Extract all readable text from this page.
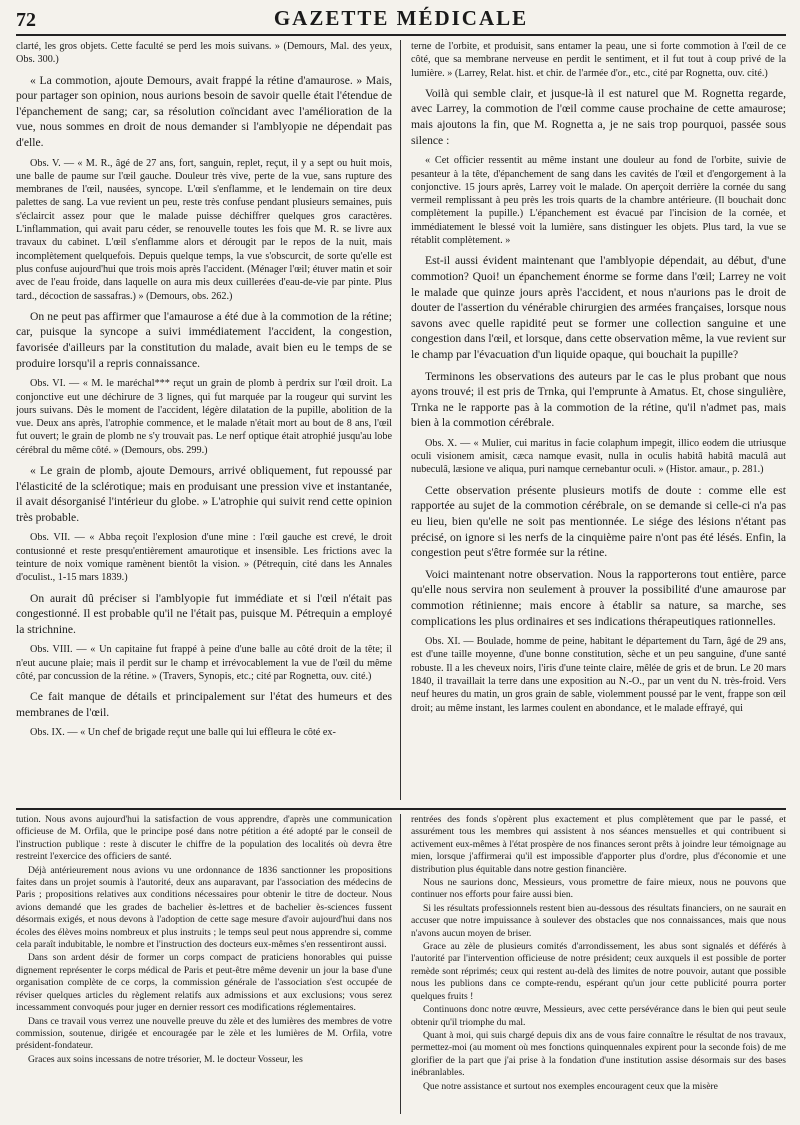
72	GAZETTE MÉDICALE

clarté, les gros objets. Cette faculté se perd les mois suivans. » (Demours, Mal. des yeux, Obs. 300.)

« La commotion, ajoute Demours, avait frappé la rétine d'amaurose. » Mais, pour partager son opinion, nous aurions besoin de savoir quelle était l'étendue de l'épanchement de sang; car, sa résolution coïncidant avec l'amélioration de la vue, nous sommes en droit de nous demander si l'amblyopie ne dépendait pas d'elle.

Obs. V. — « M. R., âgé de 27 ans, fort, sanguin, replet, reçut, il y a sept ou huit mois, une balle de paume sur l'œil gauche. Douleur très vive, perte de la vue, sans rupture des membranes de l'œil, nausées, syncope. L'œil s'enflamme, et le lendemain on tire deux palettes de sang. La vue revient un peu, reste très confuse pendant plusieurs semaines, puis s'éclaircit assez pour que le malade puisse déchiffrer quelques gros caractères. L'inflammation, qui avait paru céder, se renouvelle toutes les fois que M. R. se livre aux travaux du cabinet. L'œil s'enflamme alors et dérougit par le repos de la nuit, mais incomplètement quelquefois. Depuis quelque temps, la vue s'obscurcit, de sorte qu'elle est plus confuse aujourd'hui que trois mois après l'accident. (Ménager l'œil; étuver matin et soir avec de l'eau froide, dans laquelle on aura mis deux cuillerées d'eau-de-vie par pinte. Plus tard., décoction de sassafras.) » (Demours, obs. 262.)

On ne peut pas affirmer que l'amaurose a été due à la commotion de la rétine; car, puisque la syncope a suivi immédiatement l'accident, la congestion, favorisée d'ailleurs par la constitution du malade, avait bien eu le temps de se produire lorsqu'il a repris connaissance.

Obs. VI. — « M. le maréchal*** reçut un grain de plomb à perdrix sur l'œil droit. La conjonctive eut une déchirure de 3 lignes, qui fut marquée par la rougeur qui survint les jours suivans. Dès le moment de l'accident, légère dilatation de la pupille, abolition de la vue. Deux ans après, l'atrophie commence, et le malade n'était mort au bout de 8 ans, l'œil fut ouvert; le grain de plomb ne s'y trouvait pas. Le nerf optique était atrophié jusqu'au lobe cérébral du même côté. » (Demours, obs. 299.)

« Le grain de plomb, ajoute Demours, arrivé obliquement, fut repoussé par l'élasticité de la sclérotique; mais en produisant une pression vive et instantanée, il avait désorganisé l'intérieur du globe. » L'atrophie qui suivit rend cette opinion très probable.

Obs. VII. — « Abba reçoit l'explosion d'une mine : l'œil gauche est crevé, le droit contusionné et reste presqu'entièrement amaurotique et insensible. Les frictions avec la teinture de noix vomique ramènent bientôt la vision. » (Pétrequin, cité dans les Annales d'oculist., 1-15 mars 1839.)

On aurait dû préciser si l'amblyopie fut immédiate et si l'œil n'était pas congestionné. Il est probable qu'il ne l'était pas, puisque M. Pétrequin a employé la strichnine.

Obs. VIII. — « Un capitaine fut frappé à peine d'une balle au côté droit de la tête; il n'eut aucune plaie; mais il perdit sur le champ et irrévocablement la vue de l'œil du même côté, par concussion de la rétine. » (Travers, Synopis, etc.; cité par Rognetta, ouv. cité.)

Ce fait manque de détails et principalement sur l'état des humeurs et des membranes de l'œil.

Obs. IX. — « Un chef de brigade reçut une balle qui lui effleura le côté ex-

terne de l'orbite, et produisit, sans entamer la peau, une si forte commotion à l'œil de ce côté, que sa membrane nerveuse en perdit le sentiment, et il fut tout à coup privé de la lumière. » (Larrey, Relat. hist. et chir. de l'armée d'or., etc., cité par Rognetta, ouv. cité.)

Voilà qui semble clair, et jusque-là il est naturel que M. Rognetta regarde, avec Larrey, la commotion de l'œil comme cause prochaine de cette amaurose; mais ajoutons la fin, que M. Rognetta a, je ne sais trop pourquoi, passée sous silence :

« Cet officier ressentit au même instant une douleur au fond de l'orbite, suivie de pesanteur à la tête, d'épanchement de sang dans les cavités de l'œil et d'engorgement à la conjonctive. 15 jours après, Larrey voit le malade. On aperçoit derrière la cornée du sang vermeil remplissant à peu près les trois quarts de la chambre antérieure. (Il bouchait donc complètement la pupille.) L'épanchement est évacué par l'incision de la cornée, et immédiatement le blessé voit la lumière, sans distinguer les objets. Plus tard, la vue se rétablit complètement. »

Est-il aussi évident maintenant que l'amblyopie dépendait, au début, d'une commotion? Quoi! un épanchement énorme se forme dans l'œil; Larrey ne voit le malade que quinze jours après l'accident, et nous n'aurions pas le droit de douter de l'assertion du vénérable chirurgien des armées françaises, lorsque nous savons avec quelle rapidité peut se former une collection sanguine et une congestion dans l'œil, et lorsque, dans cette observation même, la vue revient sur le champ par l'évacuation d'un liquide opaque, qui bouchait la pupille?

Terminons les observations des auteurs par le cas le plus probant que nous ayons trouvé; il est pris de Trnka, qui l'emprunte à Amatus. Et, chose singulière, Trnka ne le rapporte pas à la commotion de la rétine, qu'il n'admet pas, mais bien à la commotion cérébrale.

Obs. X. — « Mulier, cui maritus in facie colaphum impegit, illico eodem die utriusque oculi visionem amisit, cæca namque evasit, nulla in oculis habitâ habitâ maculâ aut nubeculâ, læsione ve aliqua, puri namque cernebantur oculi. » (Histor. amaur., p. 281.)

Cette observation présente plusieurs motifs de doute : comme elle est rapportée au sujet de la commotion cérébrale, on se demande si celle-ci n'a pas eu lieu, bien qu'elle ne soit pas mentionnée. Le siége des lésions n'étant pas précisé, on ignore si les nerfs de la cinquième paire n'ont pas été lésés. Enfin, la congestion peut s'être formée sur la rétine.

Voici maintenant notre observation. Nous la rapporterons tout entière, parce qu'elle nous servira non seulement à prouver la possibilité d'une amaurose par commotion rétinienne; mais encore à établir sa nature, sa marche, ses complications les plus ordinaires et ses indications thérapeutiques rationnelles.

Obs. XI. — Boulade, homme de peine, habitant le département du Tarn, âgé de 29 ans, est d'une taille moyenne, d'une bonne constitution, sèche et un peu sanguine, d'une santé robuste. Il a les cheveux noirs, l'iris d'une teinte claire, mêlée de gris et de brun. Le 20 mars 1840, il travaillait la terre dans une exposition au N.-O., par un vent du N. très-froid. Vers neuf heures du matin, un gros grain de sable, violemment poussé par le vent, frappe son œil droit; au même instant, les larmes coulent en abondance, et le malade effrayé, qui

tution. Nous avons aujourd'hui la satisfaction de vous apprendre, d'après une communication officieuse de M. Orfila, que le principe posé dans notre pétition a été adopté par le conseil de l'instruction publique : reste à discuter le chiffre de la population des localités où devra être restreint l'exercice des officiers de santé.

Déjà antérieurement nous avions vu une ordonnance de 1836 sanctionner les propositions faites dans un projet soumis à l'autorité, deux ans auparavant, par l'association des médecins de Paris ; propositions relatives aux conditions nécessaires pour obtenir le titre de docteur. Nous avions demandé que les grades de bachelier ès-lettres et de bachelier ès-sciences fussent désormais exigés, et nous devons à l'adoption de cette sage mesure d'avoir aujourd'hui dans nos écoles des élèves moins nombreux et plus instruits ; le temps seul peut nous apprendre si, comme cela paraît indubitable, le nombre et l'instruction des docteurs eux-mêmes s'en ressentiront aussi.

Dans son ardent désir de former un corps compact de praticiens honorables qui puisse dignement représenter le corps médical de Paris et peut-être même devenir un jour la base d'une organisation complète de ce corps, la commission générale de l'association s'est occupée de réviser quelques articles du règlement relatifs aux admissions et aux exclusions; vous serez incessamment convoqués pour juger en dernier ressort ces modifications réglementaires.

Dans ce travail vous verrez une nouvelle preuve du zèle et des lumières des membres de votre commission, soutenue, dirigée et encouragée par le zèle et les lumières de M. Orfila, votre président-fondateur.

Graces aux soins incessans de notre trésorier, M. le docteur Vosseur, les

rentrées des fonds s'opèrent plus exactement et plus complètement que par le passé, et assurément tous les membres qui assistent à nos séances mensuelles et qui contribuent si activement eux-mêmes à l'état prospère de nos finances seront prêts à joindre leur témoignage au mien, lorsque j'affirmerai qu'il est impossible d'apporter plus d'ordre, plus d'économie et une distribution plus équitable dans notre gestion financière.

Nous ne saurions donc, Messieurs, vous promettre de faire mieux, nous ne pouvons que continuer nos efforts pour faire aussi bien.

Si les résultats professionnels restent bien au-dessous des résultats financiers, on ne saurait en accuser que notre impuissance à soulever des obstacles que nos connaissances, mais que nous n'avons aucun moyen de briser.

Grace au zèle de plusieurs comités d'arrondissement, les abus sont signalés et déférés à l'autorité par l'intervention officieuse de notre président; ceux auxquels il est possible de porter remède sont réprimés; ceux qui restent au-delà des limites de notre pouvoir, autant que possible nous les publions dans ce compte-rendu, espérant qu'un jour cette publicité pourra porter quelques fruits !

Continuons donc notre œuvre, Messieurs, avec cette persévérance dans le bien qui peut seule obtenir qu'il triomphe du mal.

Quant à moi, qui suis chargé depuis dix ans de vous faire connaître le résultat de nos travaux, permettez-moi (au moment où mes fonctions quinquennales expirent pour la seconde fois) de me glorifier de la part que j'ai prise à la fondation d'une institution assise désormais sur des bases inébranlables.

Que notre assistance et surtout nos exemples encouragent ceux que la misère
